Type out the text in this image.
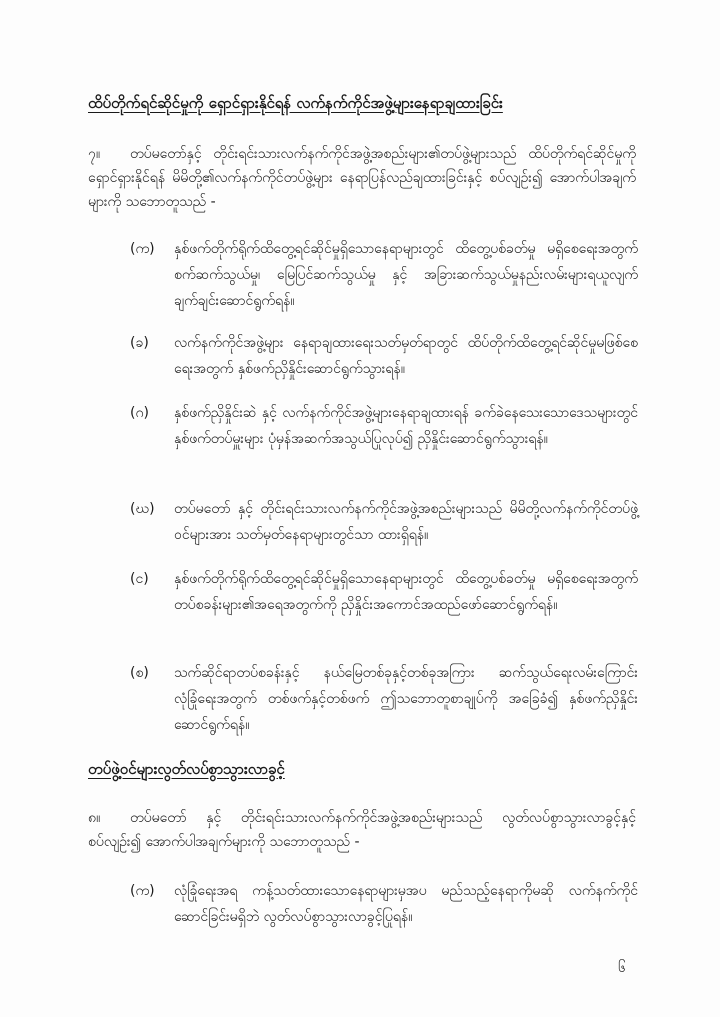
ထိပ်တိုက်ရင်ဆိုင်မှုကို ရှောင်ရှားနိုင်ရန် လက်နက်ကိုင်အဖွဲ့များနေရာချထားခြင်း
၇။ တပ်မတော်နှင့် တိုင်းရင်းသားလက်နက်ကိုင်အဖွဲ့အစည်းများ၏တပ်ဖွဲ့များသည် ထိပ်တိုက်ရင်ဆိုင်မှုကိုရှောင်ရှားနိုင်ရန် မိမိတို့၏လက်နက်ကိုင်တပ်ဖွဲ့များ နေရာပြန်လည်ချထားခြင်းနှင့် စပ်လျဉ်း၍ အောက်ပါအချက်များကို သဘောတူသည် -
(က)	နှစ်ဖက်တိုက်ရိုက်ထိတွေ့ရင်ဆိုင်မှုရှိသောနေရာများတွင် ထိတွေ့ပစ်ခတ်မှု မရှိစေရေးအတွက် စက်ဆက်သွယ်မှု၊ မြေပြင်ဆက်သွယ်မှု နှင့် အခြားဆက်သွယ်မှုနည်းလမ်းများရယူလျက် ချက်ချင်းဆောင်ရွက်ရန်။
(ခ)	လက်နက်ကိုင်အဖွဲ့များ နေရာချထားရေးသတ်မှတ်ရာတွင် ထိပ်တိုက်ထိတွေ့ရင်ဆိုင်မှုမဖြစ်စေရေးအတွက် နှစ်ဖက်ညှိနှိုင်းဆောင်ရွက်သွားရန်။
(ဂ)	နှစ်ဖက်ညှိနှိုင်းဆဲ နှင့် လက်နက်ကိုင်အဖွဲ့များနေရာချထားရန် ခက်ခဲနေသေးသောဒေသများတွင် နှစ်ဖက်တပ်မှူးများ ပုံမှန်အဆက်အသွယ်ပြုလုပ်၍ ညှိနှိုင်းဆောင်ရွက်သွားရန်။
(ဃ)	တပ်မတော် နှင့် တိုင်းရင်းသားလက်နက်ကိုင်အဖွဲ့အစည်းများသည် မိမိတို့လက်နက်ကိုင်တပ်ဖွဲ့ဝင်များအား သတ်မှတ်နေရာများတွင်သာ ထားရှိရန်။
(င)	နှစ်ဖက်တိုက်ရိုက်ထိတွေ့ရင်ဆိုင်မှုရှိသောနေရာများတွင် ထိတွေ့ပစ်ခတ်မှု မရှိစေရေးအတွက် တပ်စခန်းများ၏အရေအတွက်ကို ညှိနှိုင်းအကောင်အထည်ဖော်ဆောင်ရွက်ရန်။
(စ)	သက်ဆိုင်ရာတပ်စခန်းနှင့် နယ်မြေတစ်ခုနှင့်တစ်ခုအကြား ဆက်သွယ်ရေးလမ်းကြောင်း လုံခြုံရေးအတွက် တစ်ဖက်နှင့်တစ်ဖက် ဤသဘောတူစာချုပ်ကို အခြေခံ၍ နှစ်ဖက်ညှိနှိုင်းဆောင်ရွက်ရန်။
တပ်ဖွဲ့ဝင်များလွတ်လပ်စွာသွားလာခွင့်
၈။ တပ်မတော် နှင့် တိုင်းရင်းသားလက်နက်ကိုင်အဖွဲ့အစည်းများသည် လွတ်လပ်စွာသွားလာခွင့်နှင့်စပ်လျဉ်း၍ အောက်ပါအချက်များကို သဘောတူသည် -
(က)	လုံခြုံရေးအရ ကန့်သတ်ထားသောနေရာများမှအပ မည်သည့်နေရာကိုမဆို လက်နက်ကိုင်ဆောင်ခြင်းမရှိဘဲ လွတ်လပ်စွာသွားလာခွင့်ပြုရန်။
၆
